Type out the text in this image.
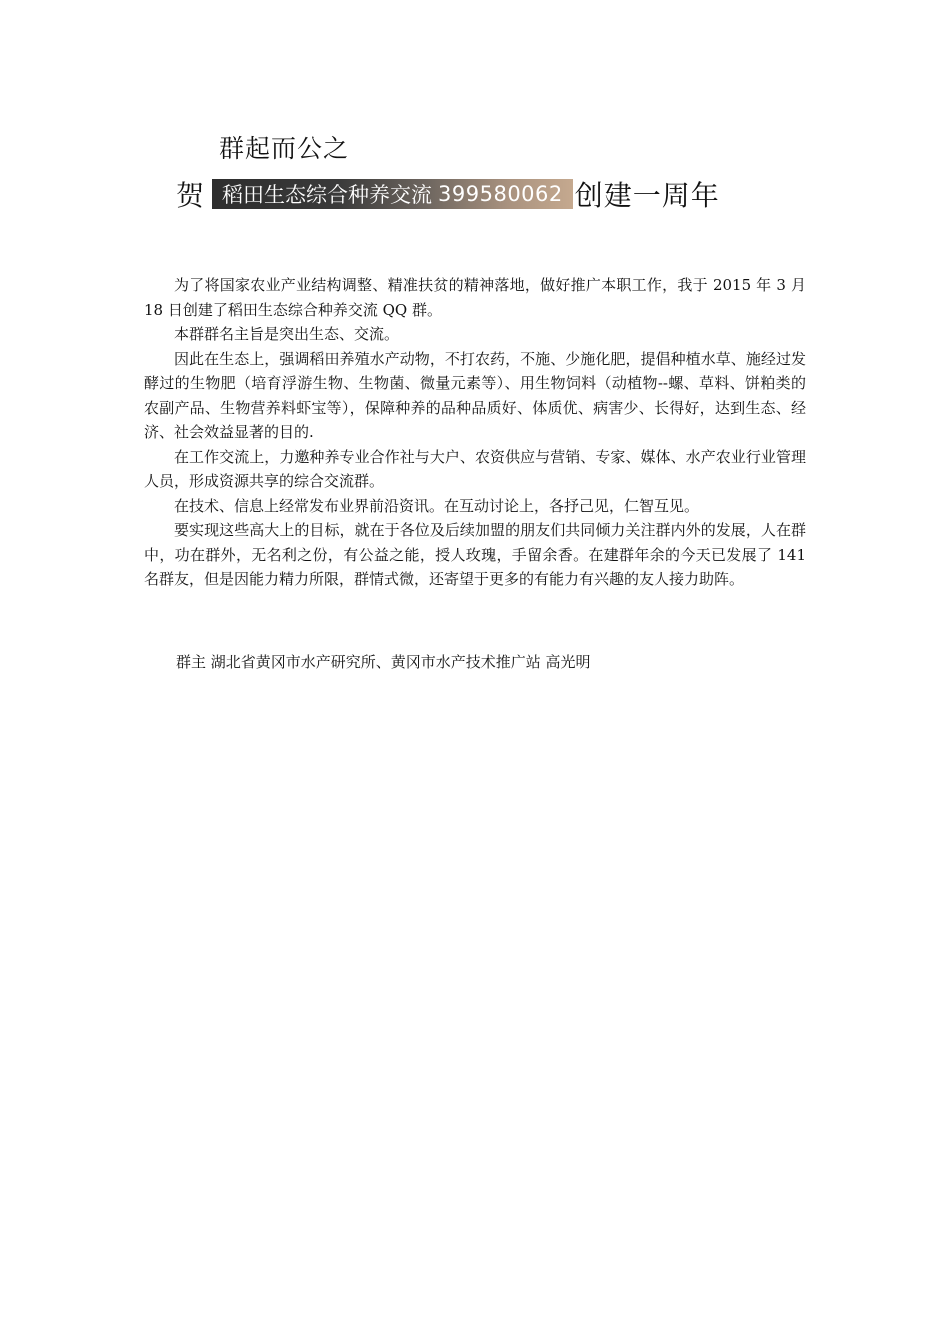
群起而公之
贺 稻田生态综合种养交流 399580062 创建一周年

为了将国家农业产业结构调整、精准扶贫的精神落地，做好推广本职工作，我于 2015 年 3 月 18 日创建了稻田生态综合种养交流 QQ 群。

本群群名主旨是突出生态、交流。

因此在生态上，强调稻田养殖水产动物，不打农药，不施、少施化肥，提倡种植水草、施经过发酵过的生物肥（培育浮游生物、生物菌、微量元素等）、用生物饲料（动植物--螺、草料、饼粕类的农副产品、生物营养料虾宝等），保障种养的品种品质好、体质优、病害少、长得好，达到生态、经济、社会效益显著的目的.

在工作交流上，力邀种养专业合作社与大户、农资供应与营销、专家、媒体、水产农业行业管理人员，形成资源共享的综合交流群。

在技术、信息上经常发布业界前沿资讯。在互动讨论上，各抒己见，仁智互见。

要实现这些高大上的目标，就在于各位及后续加盟的朋友们共同倾力关注群内外的发展，人在群中，功在群外，无名利之份，有公益之能，授人玫瑰，手留余香。在建群年余的今天已发展了 141 名群友，但是因能力精力所限，群情式微，还寄望于更多的有能力有兴趣的友人接力助阵。

群主 湖北省黄冈市水产研究所、黄冈市水产技术推广站 高光明
